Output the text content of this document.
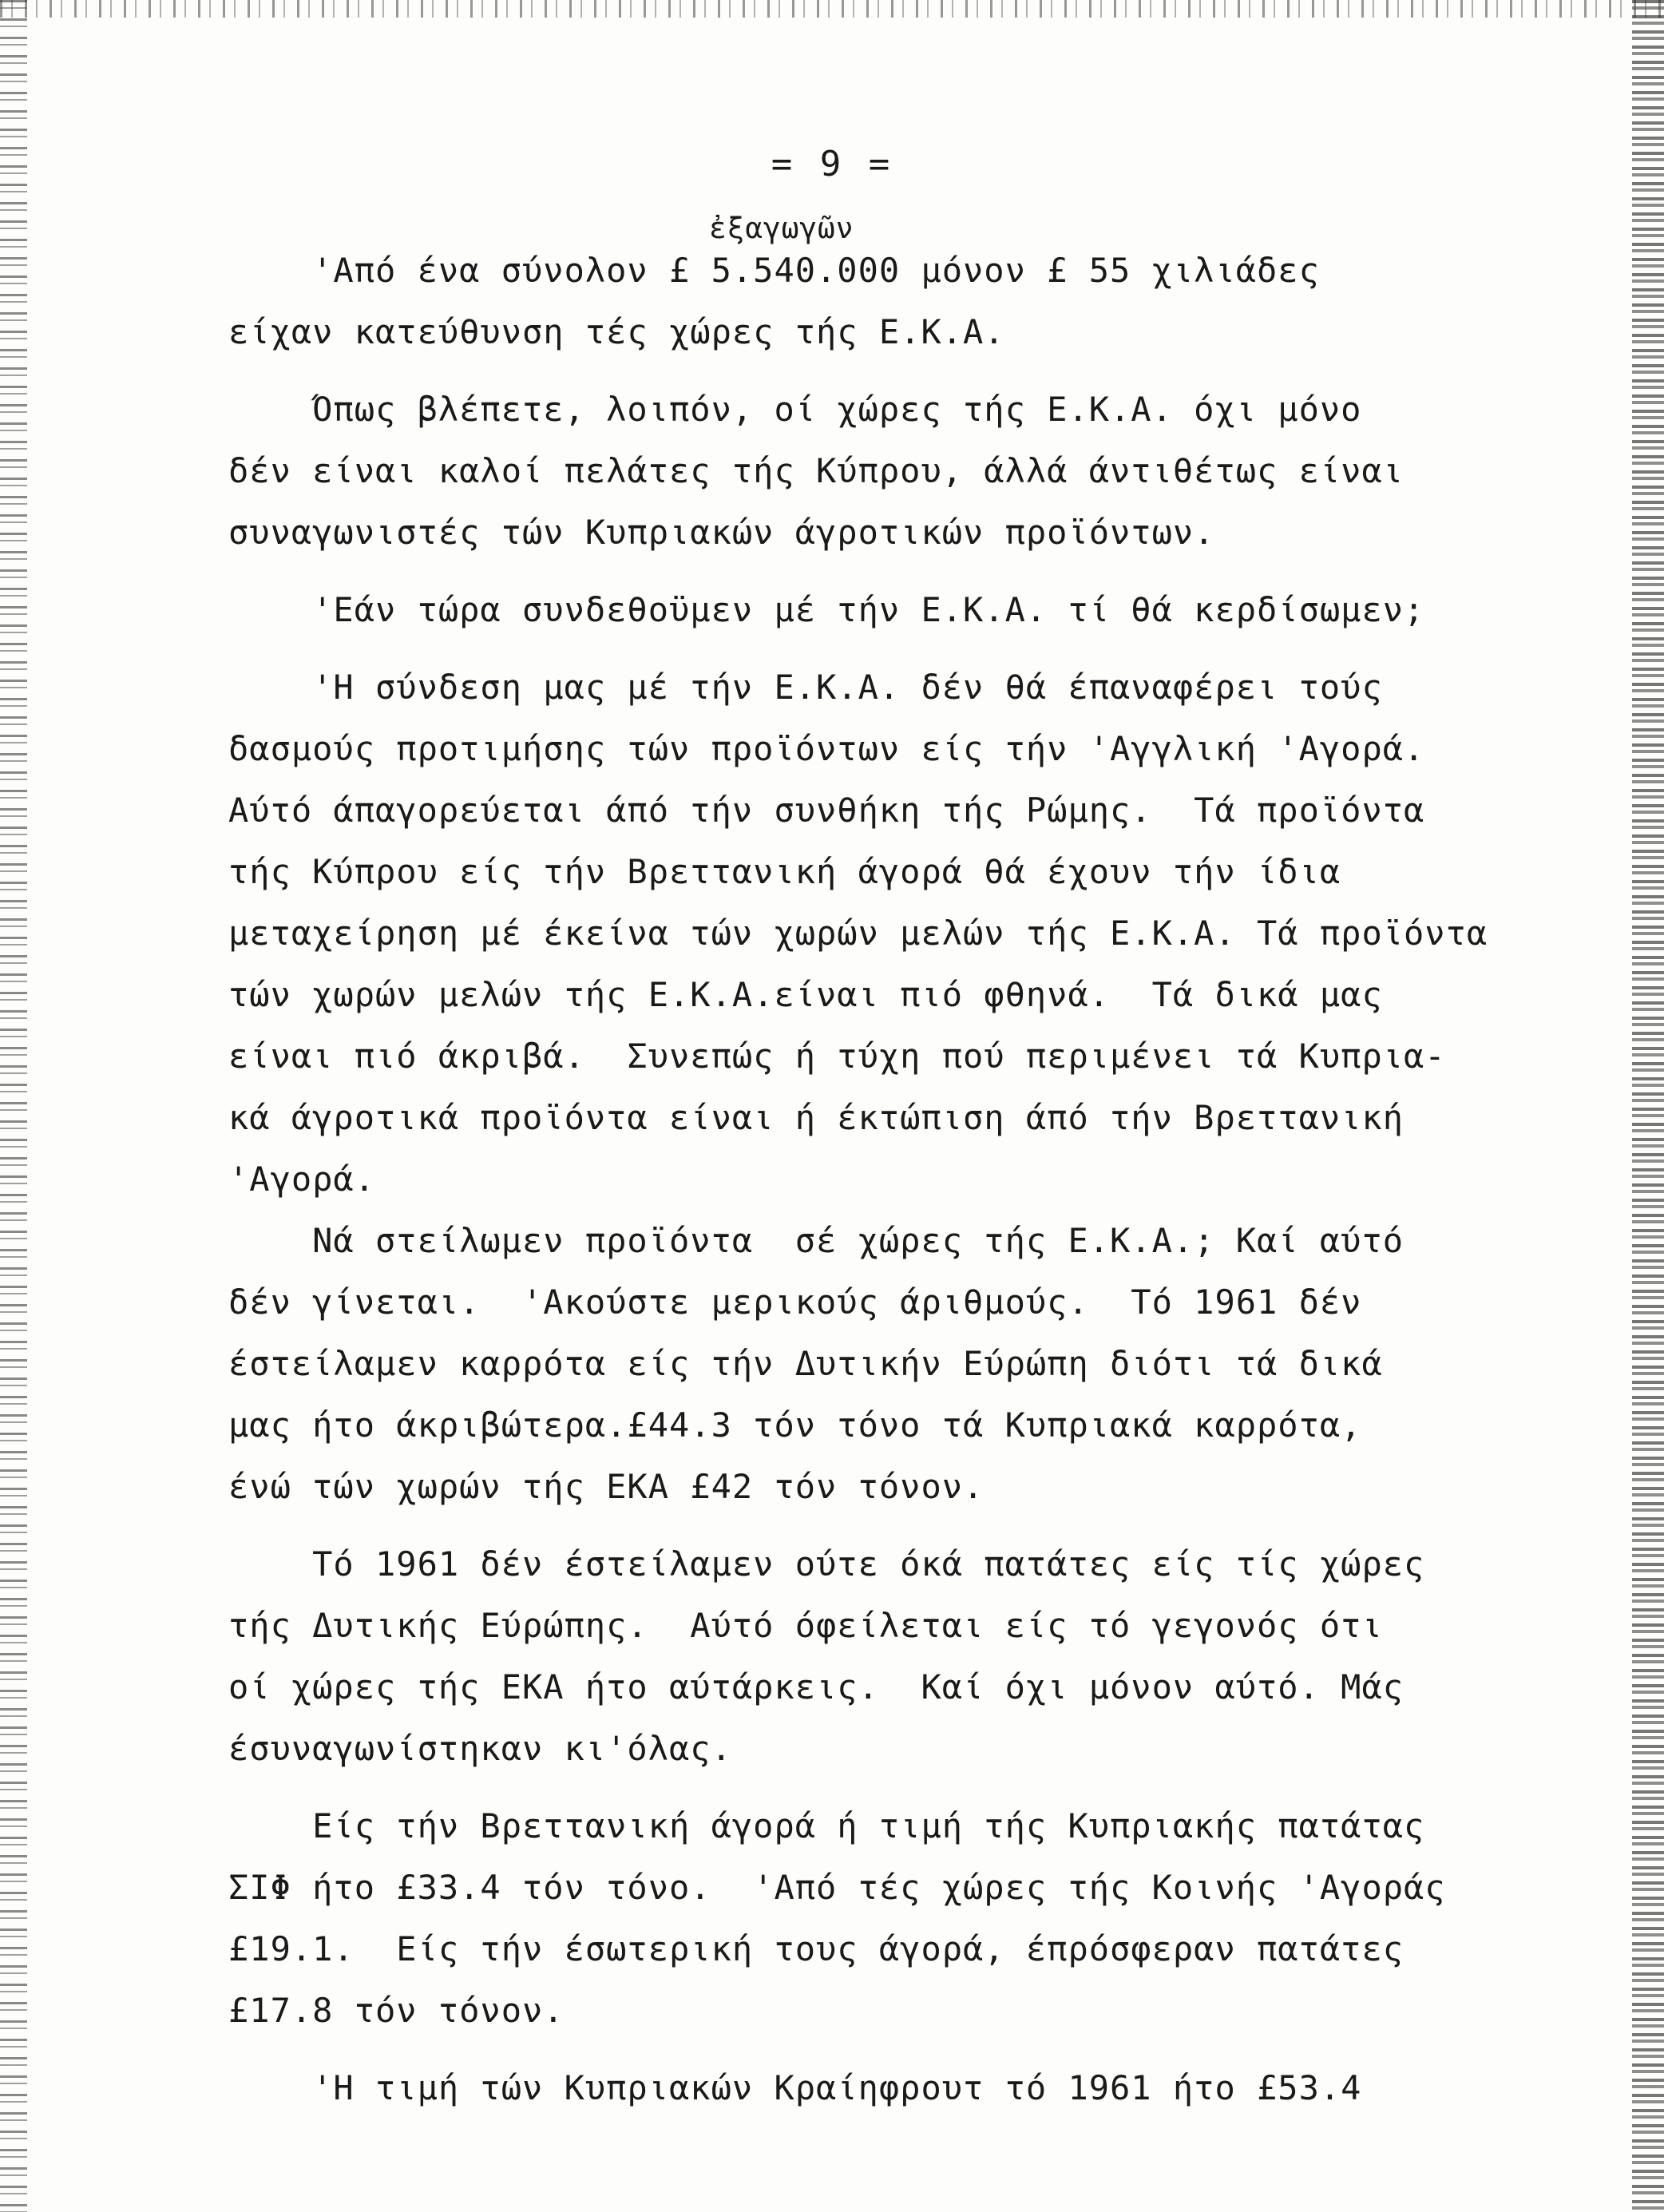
= 9 =
ἐξαγωγῶν
'Από ένα σύνολον £ 5.540.000 μόνον £ 55 χιλιάδες
είχαν κατεύθυνση τές χώρες τής Ε.Κ.Α.
Όπως βλέπετε, λοιπόν, οί χώρες τής Ε.Κ.Α. όχι μόνο
δέν είναι καλοί πελάτες τής Κύπρου, άλλά άντιθέτως είναι
συναγωνιστές τών Κυπριακών άγροτικών προϊόντων.
'Εάν τώρα συνδεθοϋμεν μέ τήν Ε.Κ.Α. τί θά κερδίσωμεν;
'Η σύνδεση μας μέ τήν Ε.Κ.Α. δέν θά έπαναφέρει τούς
δασμούς προτιμήσης τών προϊόντων είς τήν 'Αγγλική 'Αγορά.
Αύτό άπαγορεύεται άπό τήν συνθήκη τής Ρώμης.  Τά προϊόντα
τής Κύπρου είς τήν Βρεττανική άγορά θά έχουν τήν ίδια
μεταχείρηση μέ έκείνα τών χωρών μελών τής Ε.Κ.Α. Τά προϊόντα
τών χωρών μελών τής Ε.Κ.Α.είναι πιό φθηνά.  Τά δικά μας
είναι πιό άκριβά.  Συνεπώς ή τύχη πού περιμένει τά Κυπρια-
κά άγροτικά προϊόντα είναι ή έκτώπιση άπό τήν Βρεττανική
'Αγορά.
Νά στείλωμεν προϊόντα  σέ χώρες τής Ε.Κ.Α.; Καί αύτό
δέν γίνεται.  'Ακούστε μερικούς άριθμούς.  Τό 1961 δέν
έστείλαμεν καρρότα είς τήν Δυτικήν Εύρώπη διότι τά δικά
μας ήτο άκριβώτερα.£44.3 τόν τόνο τά Κυπριακά καρρότα,
ένώ τών χωρών τής ΕΚΑ £42 τόν τόνον.
Τό 1961 δέν έστείλαμεν ούτε όκά πατάτες είς τίς χώρες
τής Δυτικής Εύρώπης.  Αύτό όφείλεται είς τό γεγονός ότι
οί χώρες τής ΕΚΑ ήτο αύτάρκεις.  Καί όχι μόνον αύτό. Μάς
έσυναγωνίστηκαν κι'όλας.
Είς τήν Βρεττανική άγορά ή τιμή τής Κυπριακής πατάτας
ΣΙΦ ήτο £33.4 τόν τόνο.  'Από τές χώρες τής Κοινής 'Αγοράς
£19.1.  Είς τήν έσωτερική τους άγορά, έπρόσφεραν πατάτες
£17.8 τόν τόνον.
'Η τιμή τών Κυπριακών Κραίηφρουτ τό 1961 ήτο £53.4
